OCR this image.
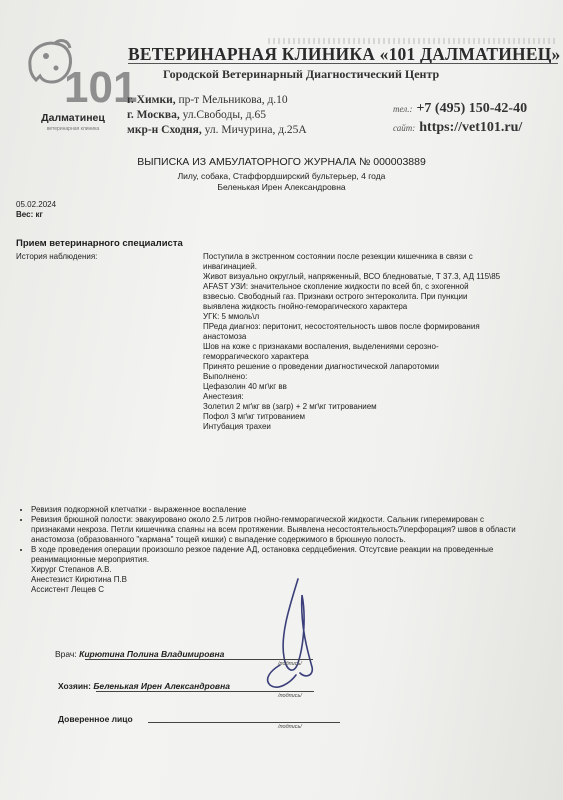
101
Далматинец
ветеринарная клиника
ВЕТЕРИНАРНАЯ КЛИНИКА «101 ДАЛМАТИНЕЦ»
Городской Ветеринарный Диагностический Центр
г. Химки, пр-т Мельникова, д.10
г. Москва, ул.Свободы, д.65
мкр-н Сходня, ул. Мичурина, д.25А
тел.: +7 (495) 150-42-40
сайт: https://vet101.ru/
ВЫПИСКА ИЗ АМБУЛАТОРНОГО ЖУРНАЛА № 000003889
Лилу, собака, Стаффордширский бультерьер, 4 года
Беленькая Ирен Александровна
05.02.2024
Вес: кг
Прием ветеринарного специалиста
История наблюдения:	Поступила в экстренном состоянии после резекции кишечника в связи с инвагинацией.
Живот визуально округлый, напряженный, ВСО бледноватые, Т 37.3, АД 115\85
AFAST УЗИ: значительное скопление жидкости по всей бп, с эхогенной взвесью. Свободный газ. Признаки острого энтероколита. При пункции выявлена жидкость гнойно-геморагического характера
УГК: 5 ммоль\л
ПРеда диагноз: перитонит, несостоятельность швов после формирования анастомоза
Шов на коже с признаками воспаления, выделениями серозно-геморрагического характера
Принято решение о проведении диагностической лапаротомии
Выполнено:
Цефазолин 40 мг\кг вв
Анестезия:
Золетил 2 мг\кг вв (загр) + 2 мг\кг титрованием
Пофол 3 мг\кг титрованием
Интубация трахеи
• Ревизия подкоржной клетчатки - выраженное воспаление
• Ревизия брюшной полости: эвакуировано около 2.5 литров гнойно-гемморагической жидкости. Сальник гиперемирован с признаками некроза. Петли кишечника спаяны на всем протяжении. Выявлена несостоятельность?\перфорация? швов в области анастомоза (образованного "кармана" тощей кишки) с выпадение содержимого в брюшную полость.
• В ходе проведения операции произошло резкое падение АД, остановка сердцебиения. Отсутсвие реакции на проведенные реанимационные мероприятия.
Хирург Степанов А.В.
Анестезист Кирютина П.В
Ассистент Лещев С
Врач: Кирютина Полина Владимировна
/подпись/
Хозяин: Беленькая Ирен Александровна
/подпись/
Доверенное лицо
/подпись/
